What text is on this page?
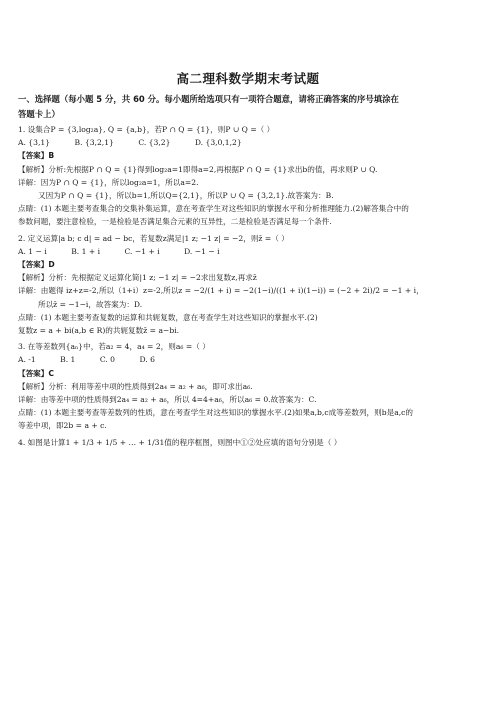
高二理科数学期末考试题
一、选择题（每小题 5 分，共 60 分。每小题所给选项只有一项符合题意，请将正确答案的序号填涂在
答题卡上）
1. 设集合P = {3,log₂a}, Q = {a,b}，若P ∩ Q = {1}，则P ∪ Q =（ ）
A. {3,1}	B. {3,2,1}	C. {3,2}	D. {3,0,1,2}
【答案】B
【解析】分析:先根据P ∩ Q = {1}得到log₂a=1即得a=2,再根据P ∩ Q = {1}求出b的值，再求则P ∪ Q.
详解：因为P ∩ Q = {1}，所以log₂a=1，所以a=2.
又因为P ∩ Q = {1}，所以b=1,所以Q={2,1}，所以P ∪ Q = {3,2,1}.故答案为：B.
点睛：(1) 本题主要考查集合的交集补集运算，意在考查学生对这些知识的掌握水平和分析推理能力.(2)解答集合中的
参数问题，要注意检验，一是检验是否满足集合元素的互异性，二是检验是否满足每一个条件.
2. 定义运算|a b; c d| = ad − bc，若复数z满足|1 z; −1 z| = −2，则z̄ =（ ）
A. 1 − i	B. 1 + i	C. −1 + i	D. −1 − i
【答案】D
【解析】分析：先根据定义运算化简|1 z; −1 z| = −2求出复数z,再求z̄
详解：由题得 iz+z=-2,所以（1+i）z=-2,所以z = −2/(1 + i) = −2(1−i)/((1 + i)(1−i)) = (−2 + 2i)/2 = −1 + i，
所以z̄ = −1−i，故答案为：D.
点睛：(1) 本题主要考查复数的运算和共轭复数，意在考查学生对这些知识的掌握水平.(2)
复数z = a + bi(a,b ∈ R)的共轭复数z̄ = a−bi.
3. 在等差数列{aₙ}中，若a₂ = 4，a₄ = 2，则a₆ =（ ）
A. -1	B. 1	C. 0	D. 6
【答案】C
【解析】分析：利用等差中项的性质得到2a₄ = a₂ + a₆，即可求出a₆.
详解：由等差中项的性质得到2a₄ = a₂ + a₆，所以 4=4+a₆，所以a₆ = 0.故答案为：C.
点睛：(1) 本题主要考查等差数列的性质，意在考查学生对这些知识的掌握水平.(2)如果a,b,c成等差数列，则b是a,c的
等差中项，即2b = a + c.
4. 如图是计算1 + 1/3 + 1/5 + … + 1/31值的程序框图，则图中①②处应填的语句分别是（ ）
